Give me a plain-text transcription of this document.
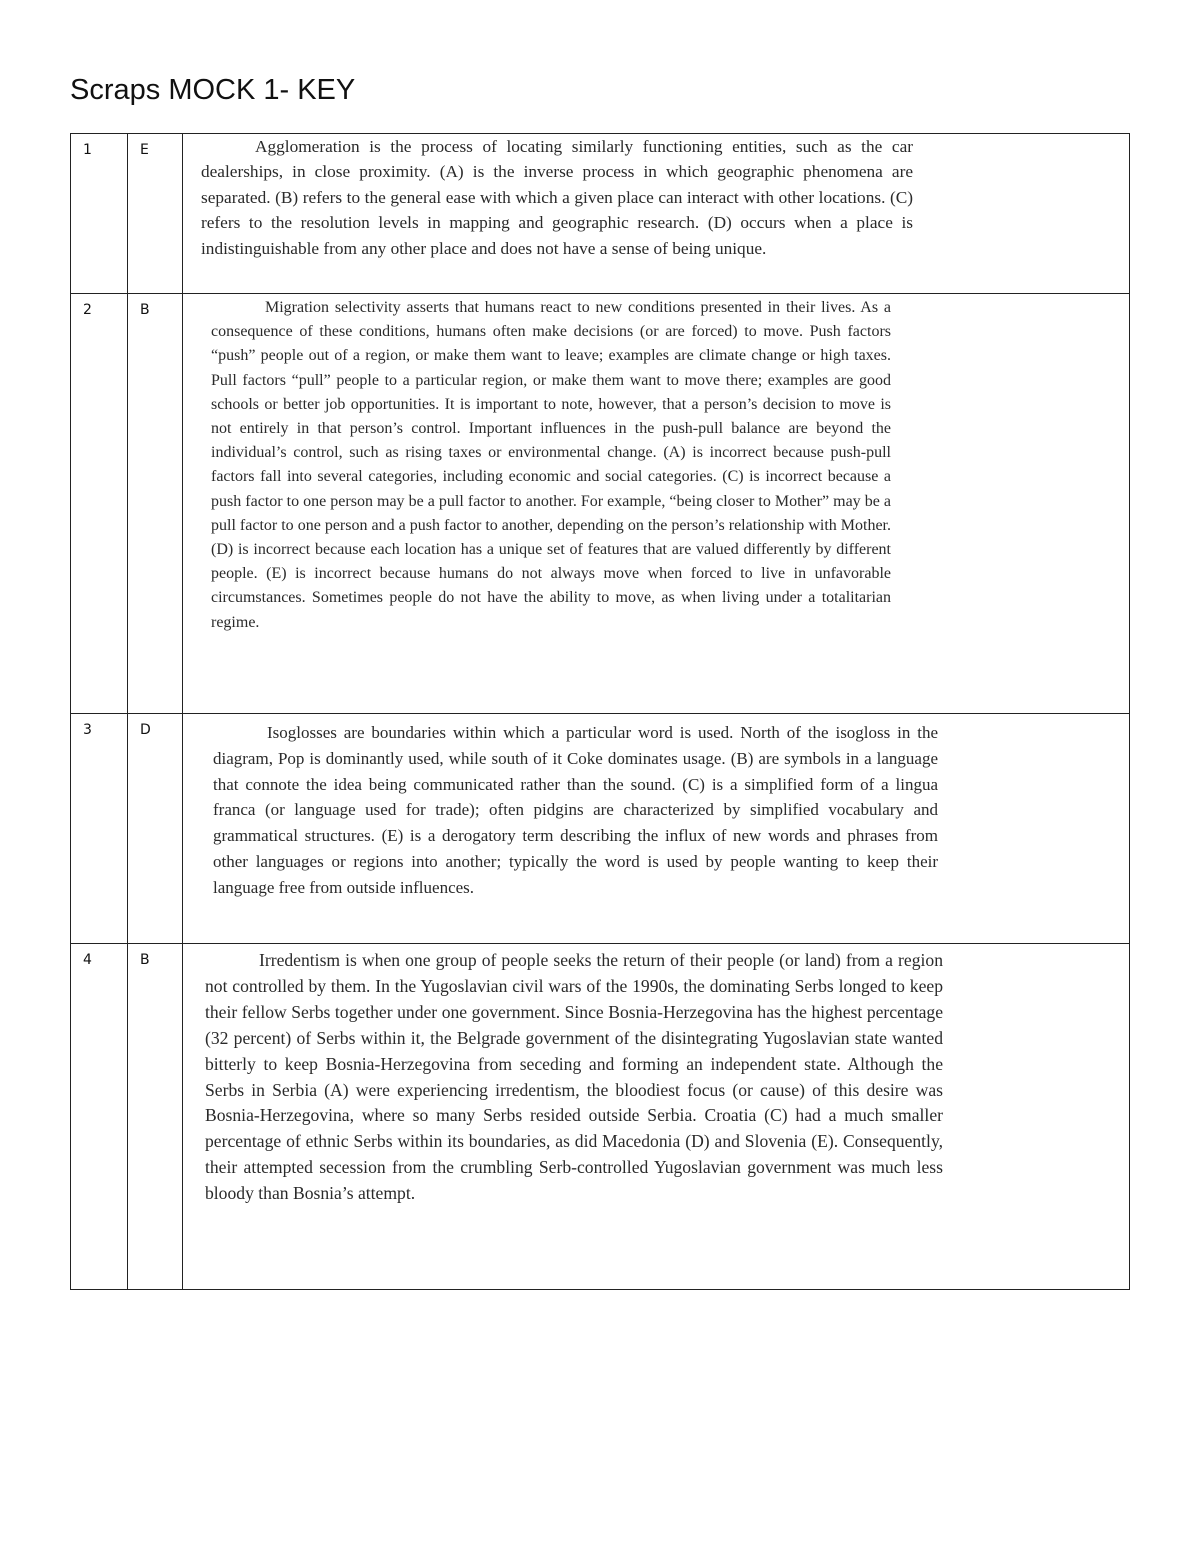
Scraps MOCK 1- KEY
1	E	Agglomeration is the process of locating similarly functioning entities, such as the car dealerships, in close proximity. (A) is the inverse process in which geographic phenomena are separated. (B) refers to the general ease with which a given place can interact with other locations. (C) refers to the resolution levels in mapping and geographic research. (D) occurs when a place is indistinguishable from any other place and does not have a sense of being unique.

2	B	Migration selectivity asserts that humans react to new conditions presented in their lives. As a consequence of these conditions, humans often make decisions (or are forced) to move. Push factors “push” people out of a region, or make them want to leave; examples are climate change or high taxes. Pull factors “pull” people to a particular region, or make them want to move there; examples are good schools or better job opportunities. It is important to note, however, that a person’s decision to move is not entirely in that person’s control. Important influences in the push-pull balance are beyond the individual’s control, such as rising taxes or environmental change. (A) is incorrect because push-pull factors fall into several categories, including economic and social categories. (C) is incorrect because a push factor to one person may be a pull factor to another. For example, “being closer to Mother” may be a pull factor to one person and a push factor to another, depending on the person’s relationship with Mother. (D) is incorrect because each location has a unique set of features that are valued differently by different people. (E) is incorrect because humans do not always move when forced to live in unfavorable circumstances. Sometimes people do not have the ability to move, as when living under a totalitarian regime.

3	D	Isoglosses are boundaries within which a particular word is used. North of the isogloss in the diagram, Pop is dominantly used, while south of it Coke dominates usage. (B) are symbols in a language that connote the idea being communicated rather than the sound. (C) is a simplified form of a lingua franca (or language used for trade); often pidgins are characterized by simplified vocabulary and grammatical structures. (E) is a derogatory term describing the influx of new words and phrases from other languages or regions into another; typically the word is used by people wanting to keep their language free from outside influences.

4	B	Irredentism is when one group of people seeks the return of their people (or land) from a region not controlled by them. In the Yugoslavian civil wars of the 1990s, the dominating Serbs longed to keep their fellow Serbs together under one government. Since Bosnia-Herzegovina has the highest percentage (32 percent) of Serbs within it, the Belgrade government of the disintegrating Yugoslavian state wanted bitterly to keep Bosnia-Herzegovina from seceding and forming an independent state. Although the Serbs in Serbia (A) were experiencing irredentism, the bloodiest focus (or cause) of this desire was Bosnia-Herzegovina, where so many Serbs resided outside Serbia. Croatia (C) had a much smaller percentage of ethnic Serbs within its boundaries, as did Macedonia (D) and Slovenia (E). Consequently, their attempted secession from the crumbling Serb-controlled Yugoslavian government was much less bloody than Bosnia’s attempt.
